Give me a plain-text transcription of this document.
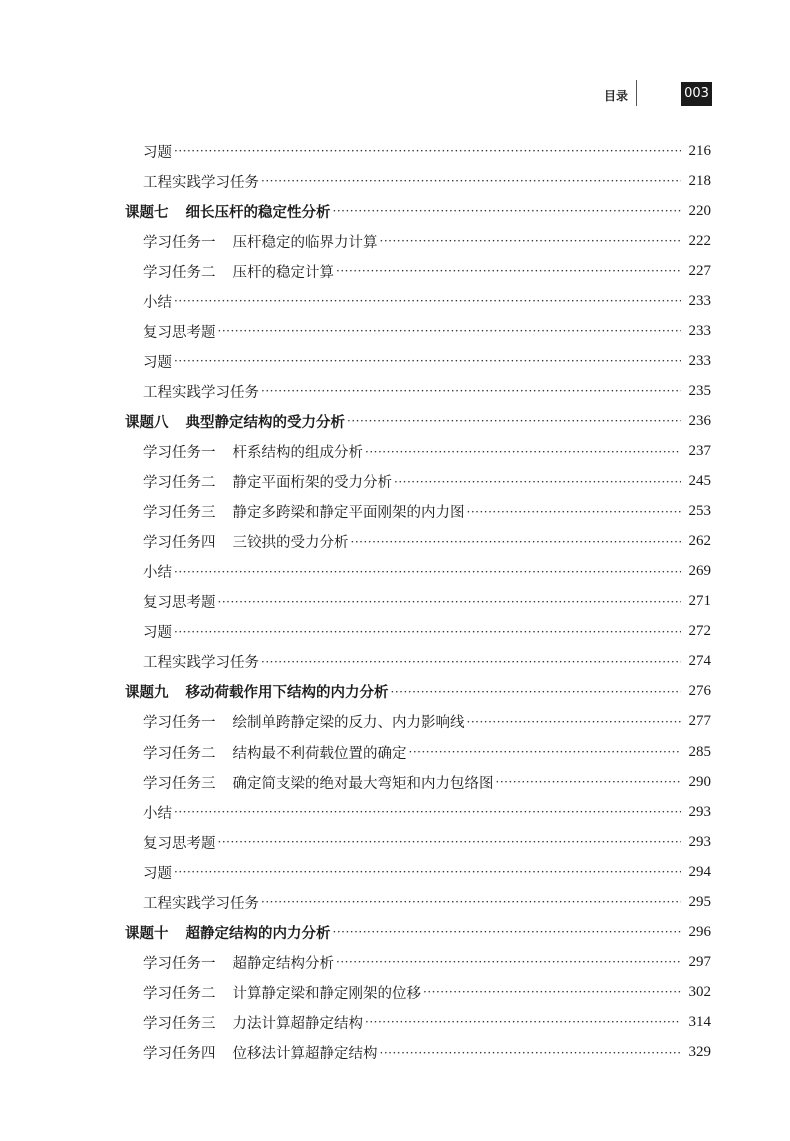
目录	003
习题 ·····	216
工程实践学习任务 ·····	218
课题七 细长压杆的稳定性分析 ·····	220
学习任务一 压杆稳定的临界力计算 ·····	222
学习任务二 压杆的稳定计算 ·····	227
小结 ·····	233
复习思考题 ·····	233
习题 ·····	233
工程实践学习任务 ·····	235
课题八 典型静定结构的受力分析 ·····	236
学习任务一 杆系结构的组成分析 ·····	237
学习任务二 静定平面桁架的受力分析 ·····	245
学习任务三 静定多跨梁和静定平面刚架的内力图 ·····	253
学习任务四 三铰拱的受力分析 ·····	262
小结 ·····	269
复习思考题 ·····	271
习题 ·····	272
工程实践学习任务 ·····	274
课题九 移动荷载作用下结构的内力分析 ·····	276
学习任务一 绘制单跨静定梁的反力、内力影响线 ·····	277
学习任务二 结构最不利荷载位置的确定 ·····	285
学习任务三 确定简支梁的绝对最大弯矩和内力包络图 ·····	290
小结 ·····	293
复习思考题 ·····	293
习题 ·····	294
工程实践学习任务 ·····	295
课题十 超静定结构的内力分析 ·····	296
学习任务一 超静定结构分析 ·····	297
学习任务二 计算静定梁和静定刚架的位移 ·····	302
学习任务三 力法计算超静定结构 ·····	314
学习任务四 位移法计算超静定结构 ·····	329
